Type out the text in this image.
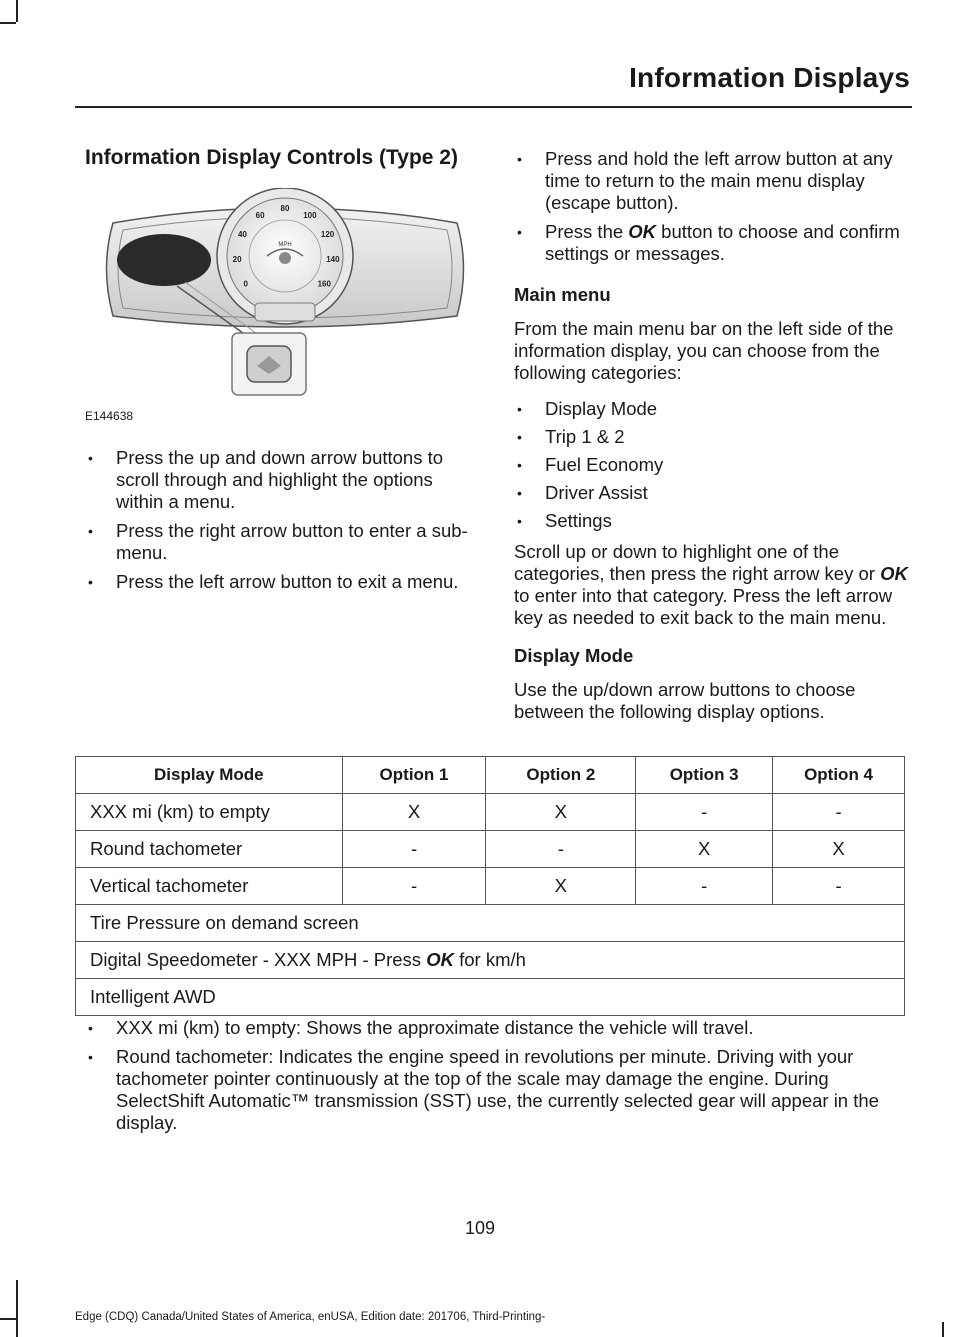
Information Displays
Information Display Controls (Type 2)
0
20
40
60
80
100
120
140
160
MPH
E144638
• Press the up and down arrow buttons to scroll through and highlight the options within a menu.
• Press the right arrow button to enter a sub-menu.
• Press the left arrow button to exit a menu.
• Press and hold the left arrow button at any time to return to the main menu display (escape button).
• Press the OK button to choose and confirm settings or messages.
Main menu

From the main menu bar on the left side of the information display, you can choose from the following categories:

• Display Mode
• Trip 1 & 2
• Fuel Economy
• Driver Assist
• Settings

Scroll up or down to highlight one of the categories, then press the right arrow key or OK to enter into that category. Press the left arrow key as needed to exit back to the main menu.

Display Mode

Use the up/down arrow buttons to choose between the following display options.

Display Mode	Option 1	Option 2	Option 3	Option 4
XXX mi (km) to empty	X	X	-	-
Round tachometer	-	-	X	X
Vertical tachometer	-	X	-	-
Tire Pressure on demand screen				
Digital Speedometer - XXX MPH - Press OK for km/h				
Intelligent AWD				
• XXX mi (km) to empty: Shows the approximate distance the vehicle will travel.
• Round tachometer: Indicates the engine speed in revolutions per minute. Driving with your tachometer pointer continuously at the top of the scale may damage the engine. During SelectShift Automatic™ transmission (SST) use, the currently selected gear will appear in the display.
109
Edge (CDQ) Canada/United States of America, enUSA, Edition date: 201706, Third-Printing-
